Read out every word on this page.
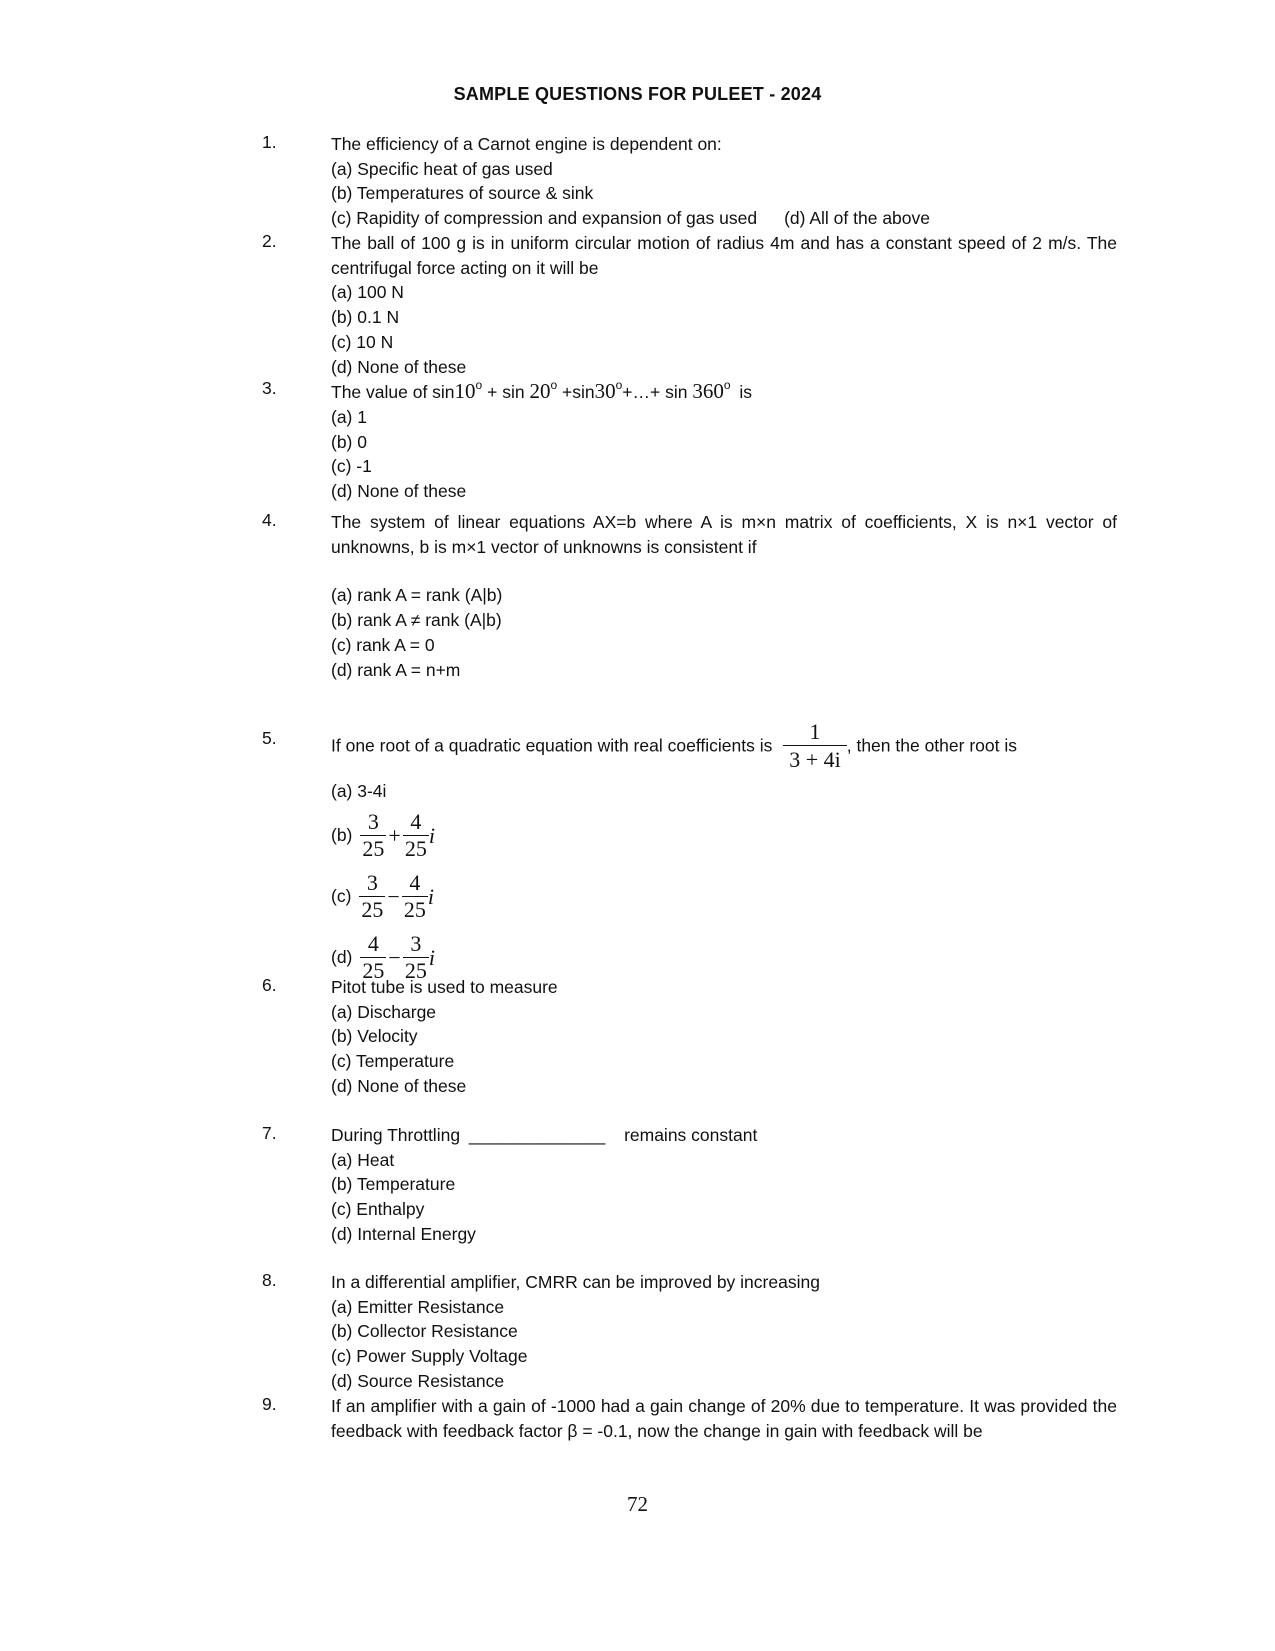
SAMPLE QUESTIONS FOR PULEET - 2024
1.	The efficiency of a Carnot engine is dependent on:
(a) Specific heat of gas used
(b) Temperatures of source & sink
(c) Rapidity of compression and expansion of gas used (d) All of the above
2.	The ball of 100 g is in uniform circular motion of radius 4m and has a constant speed of 2 m/s. The centrifugal force acting on it will be
(a) 100 N
(b) 0.1 N
(c) 10 N
(d) None of these
3.	The value of $\sin 10^o + \sin 20^o$ $+\sin 30^o+\dots+ \sin 360^o$ is
(a) 1
(b) 0
(c) -1
(d) None of these
4.	The system of linear equations AX=b where A is m×n matrix of coefficients, X is n×1 vector of unknowns, b is m×1 vector of unknowns is consistent if
(a) rank A = rank (A|b)
(b) rank A ≠ rank (A|b)
(c) rank A = 0
(d) rank A = n+m
5.	If one root of a quadratic equation with real coefficients is $\frac{1}{3 + 4i}$ , then the other root is
(a) 3-4i
$(b) \frac{3}{25} + \frac{4}{25}$ i
$(c) \frac{3}{25} - \frac{4}{25}$ i
$(d) \frac{4}{25} - \frac{3}{25}$ i
6.	Pitot tube is used to measure
(a) Discharge
(b) Velocity
(c) Temperature
(d) None of these
7.	During Throttling ______________ remains constant
(a) Heat
(b) Temperature
(c) Enthalpy
(d) Internal Energy
8.	In a differential amplifier, CMRR can be improved by increasing
(a) Emitter Resistance
(b) Collector Resistance
(c) Power Supply Voltage
(d) Source Resistance
9.	If an amplifier with a gain of -1000 had a gain change of 20% due to temperature. It was provided the feedback with feedback factor β = -0.1, now the change in gain with feedback will be
72
